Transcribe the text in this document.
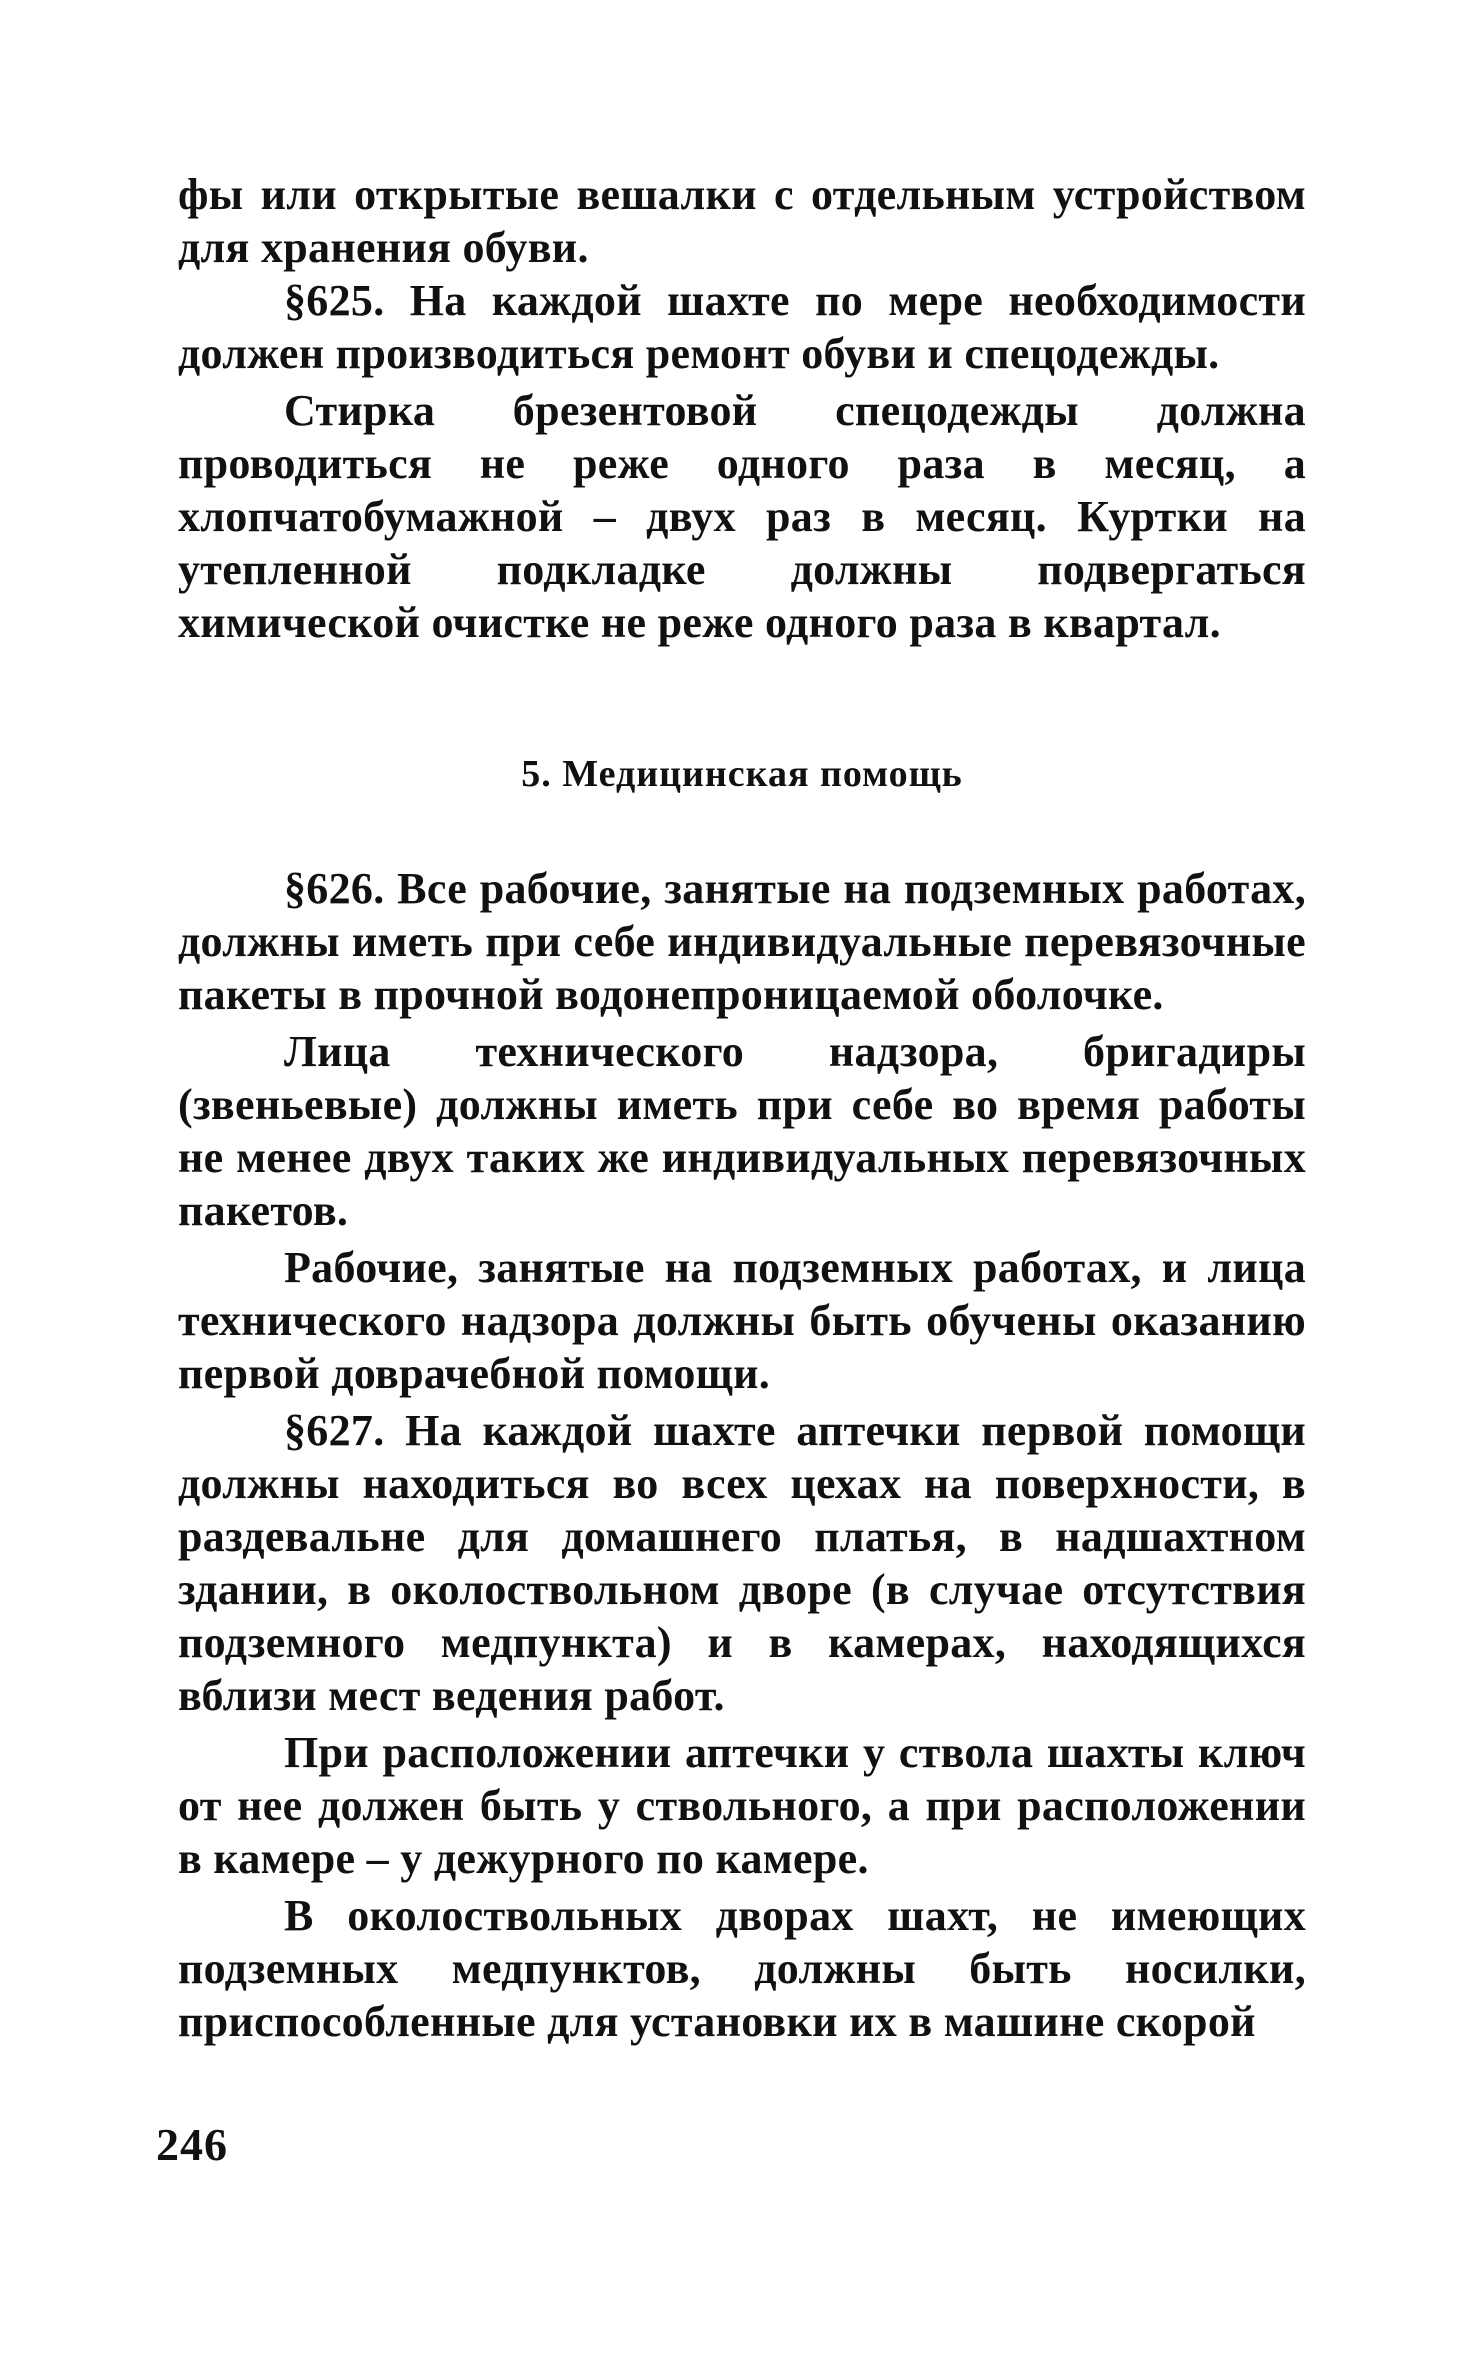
фы или открытые вешалки с отдельным устройством для хранения обуви.

§625. На каждой шахте по мере необходимости должен производиться ремонт обуви и спецодежды.

Стирка брезентовой спецодежды должна проводиться не реже одного раза в месяц, а хлопчатобумажной – двух раз в месяц. Куртки на утепленной подкладке должны подвергаться химической очистке не реже одного раза в квартал.

5. Медицинская помощь

§626. Все рабочие, занятые на подземных работах, должны иметь при себе индивидуальные перевязочные пакеты в прочной водонепроницаемой оболочке.

Лица технического надзора, бригадиры (звеньевые) должны иметь при себе во время работы не менее двух таких же индивидуальных перевязочных пакетов.

Рабочие, занятые на подземных работах, и лица технического надзора должны быть обучены оказанию первой доврачебной помощи.

§627. На каждой шахте аптечки первой помощи должны находиться во всех цехах на поверхности, в раздевальне для домашнего платья, в надшахтном здании, в околоствольном дворе (в случае отсутствия подземного медпункта) и в камерах, находящихся вблизи мест ведения работ.

При расположении аптечки у ствола шахты ключ от нее должен быть у ствольного, а при расположении в камере – у дежурного по камере.

В околоствольных дворах шахт, не имеющих подземных медпунктов, должны быть носилки, приспособленные для установки их в машине скорой

246
